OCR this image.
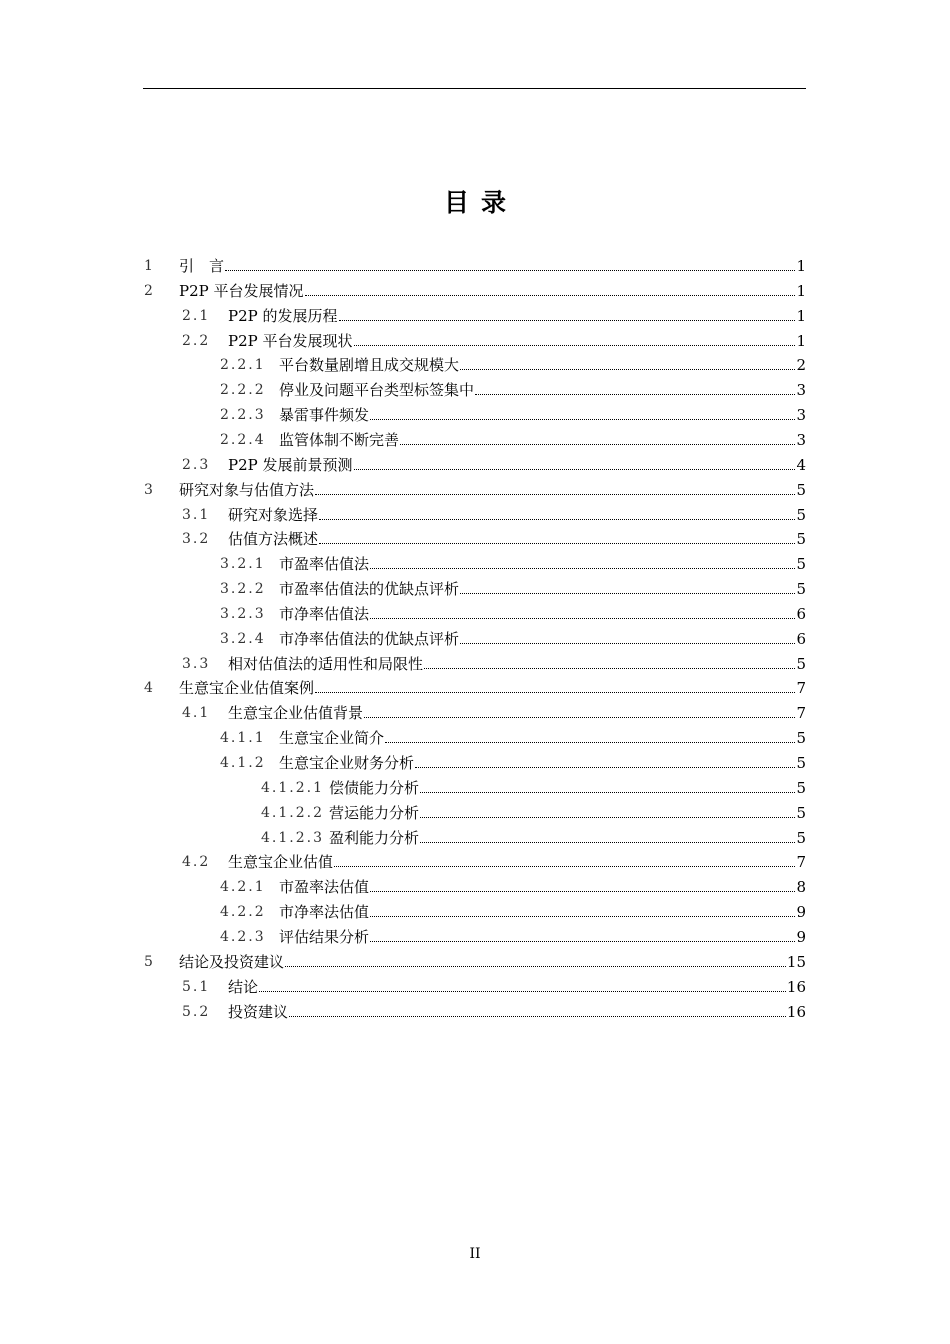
目录
1 引　言	1
2 P2P 平台发展情况	1
2.1 P2P 的发展历程	1
2.2 P2P 平台发展现状	1
2.2.1 平台数量剧增且成交规模大	2
2.2.2 停业及问题平台类型标签集中	3
2.2.3 暴雷事件频发	3
2.2.4 监管体制不断完善	3
2.3 P2P 发展前景预测	4
3 研究对象与估值方法	5
3.1 研究对象选择	5
3.2 估值方法概述	5
3.2.1 市盈率估值法	5
3.2.2 市盈率估值法的优缺点评析	5
3.2.3 市净率估值法	6
3.2.4 市净率估值法的优缺点评析	6
3.3 相对估值法的适用性和局限性	5
4 生意宝企业估值案例	7
4.1 生意宝企业估值背景	7
4.1.1 生意宝企业简介	5
4.1.2 生意宝企业财务分析	5
4.1.2.1 偿债能力分析	5
4.1.2.2 营运能力分析	5
4.1.2.3 盈利能力分析	5
4.2 生意宝企业估值	7
4.2.1 市盈率法估值	8
4.2.2 市净率法估值	9
4.2.3 评估结果分析	9
5 结论及投资建议	15
5.1 结论	16
5.2 投资建议	16
II
